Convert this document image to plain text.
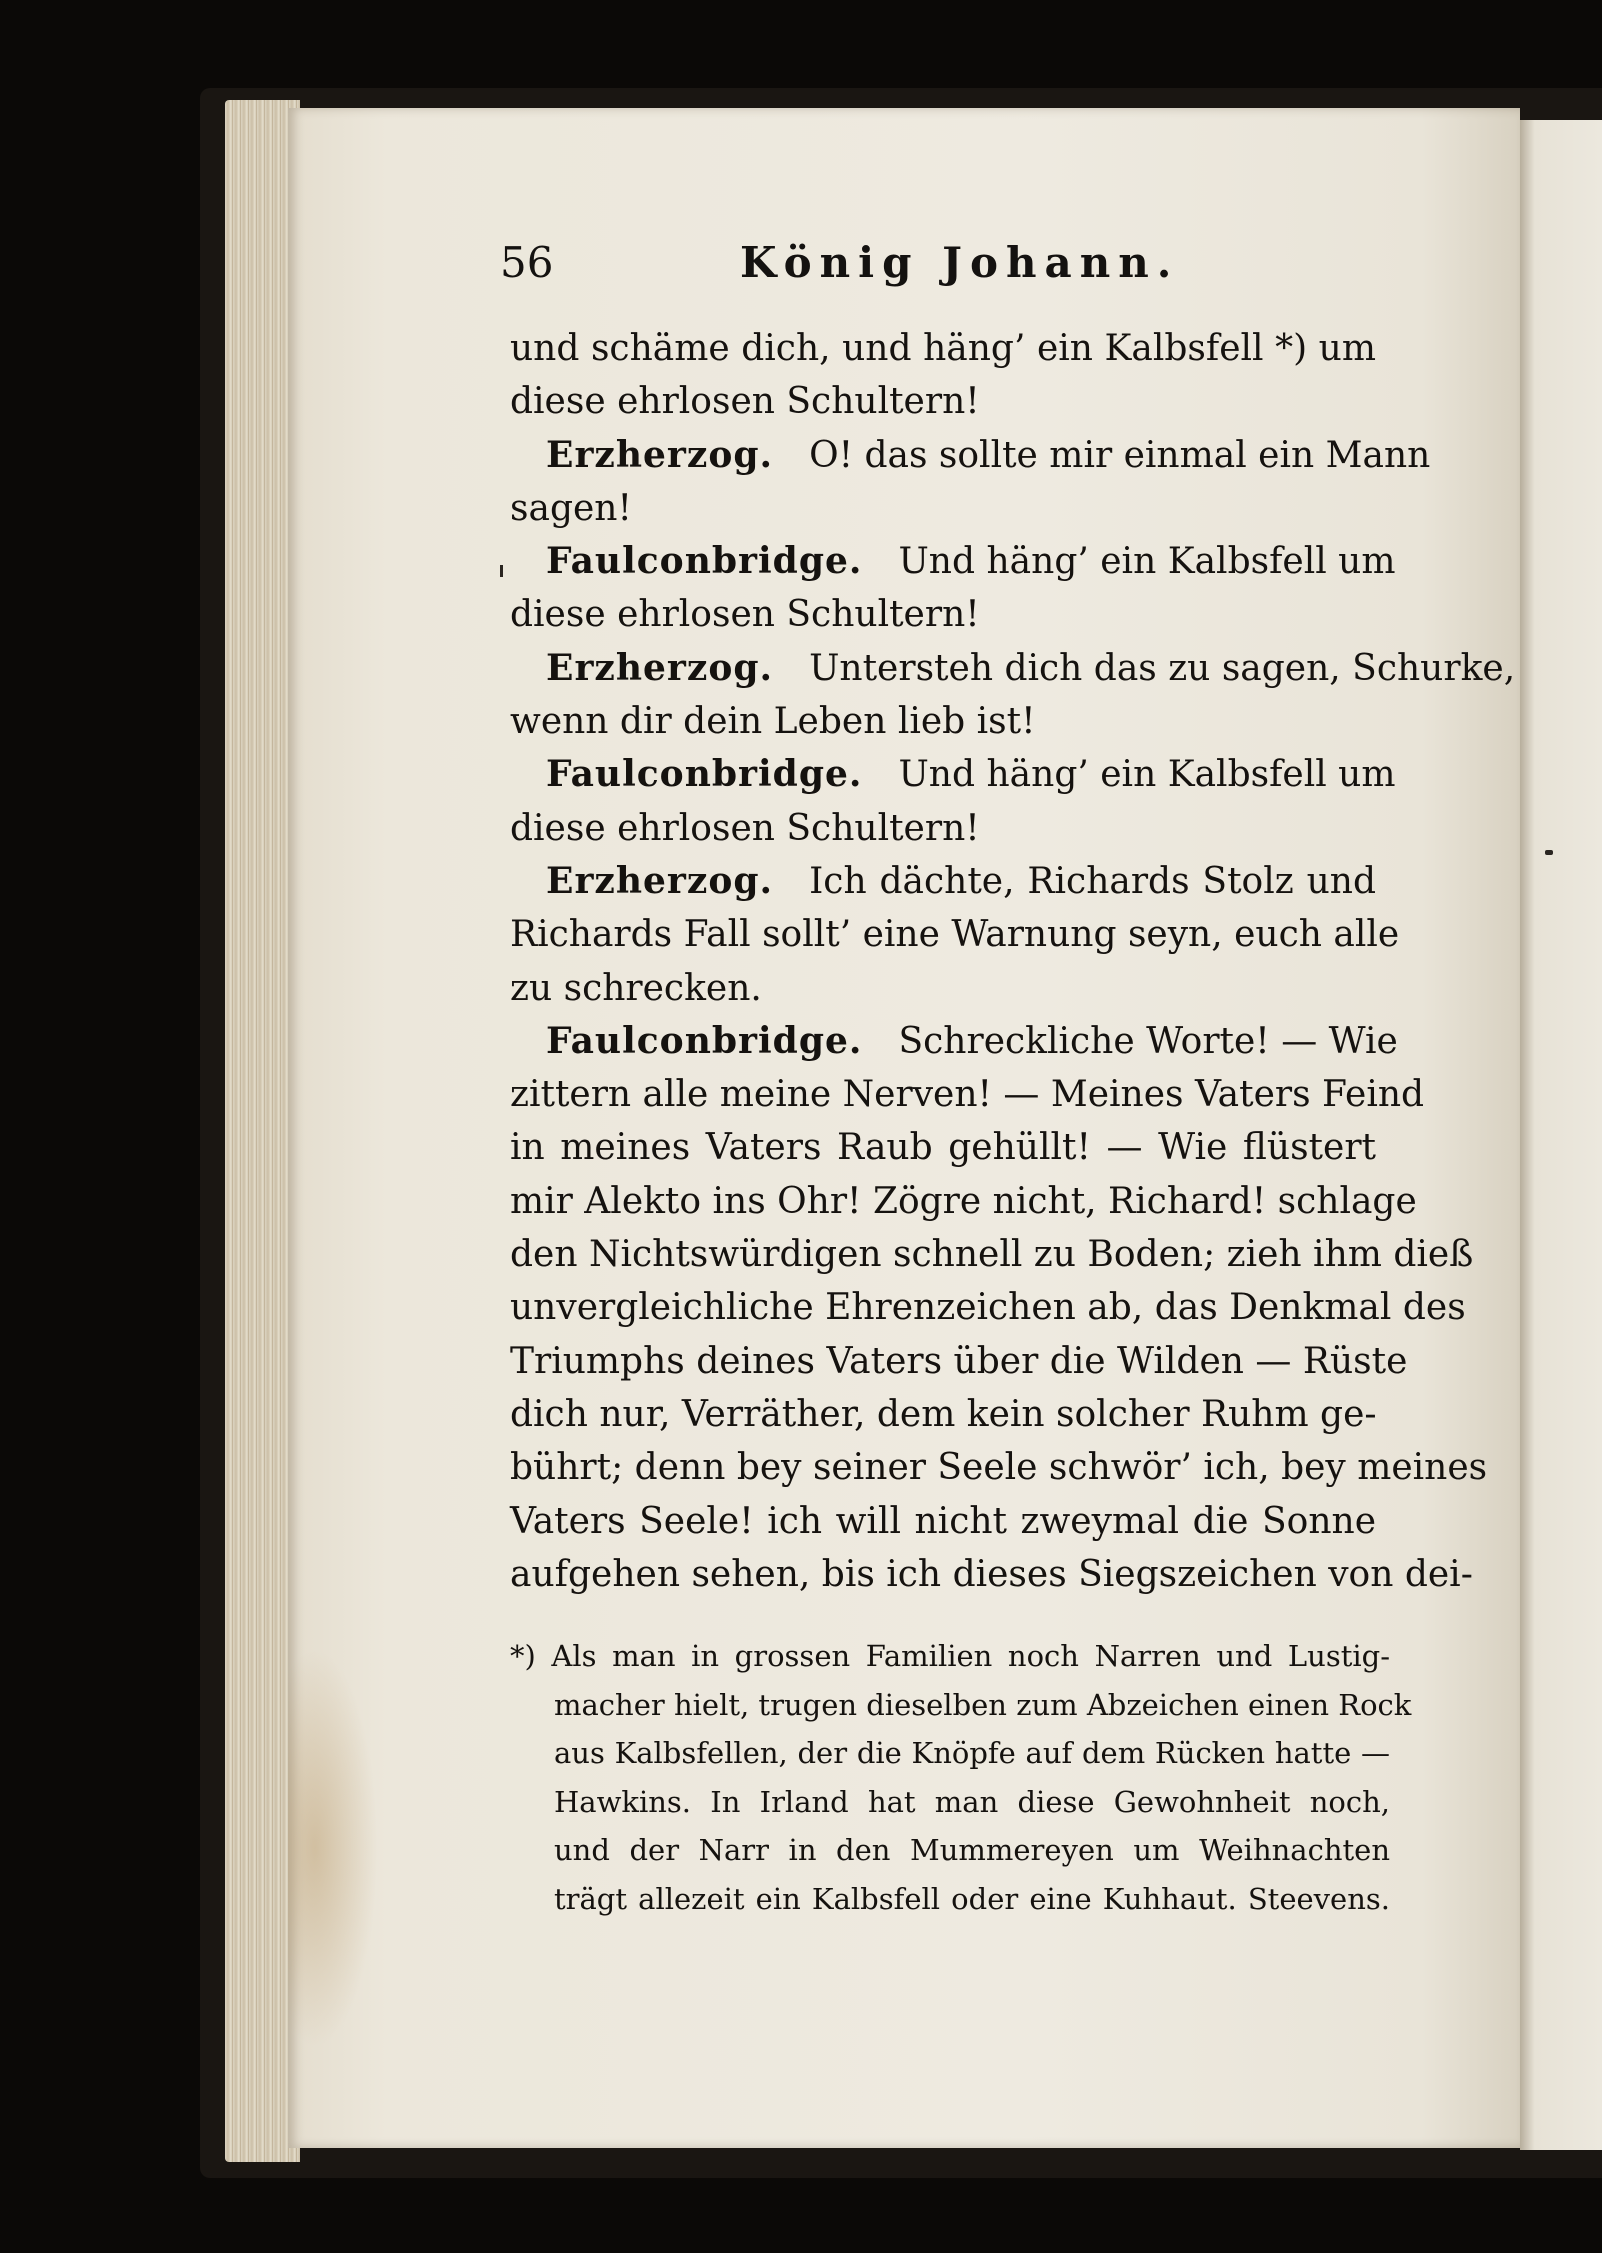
56	König Johann.
und schäme dich, und häng’ ein Kalbsfell *) um
diese ehrlosen Schultern!
Erzherzog.  O! das sollte mir einmal ein Mann
sagen!
Faulconbridge.  Und häng’ ein Kalbsfell um
diese ehrlosen Schultern!
Erzherzog.  Untersteh dich das zu sagen, Schurke,
wenn dir dein Leben lieb ist!
Faulconbridge.  Und häng’ ein Kalbsfell um
diese ehrlosen Schultern!
Erzherzog.  Ich dächte, Richards Stolz und
Richards Fall sollt’ eine Warnung seyn, euch alle
zu schrecken.
Faulconbridge.  Schreckliche Worte! — Wie
zittern alle meine Nerven! — Meines Vaters Feind
in meines Vaters Raub gehüllt! — Wie flüstert
mir Alekto ins Ohr! Zögre nicht, Richard! schlage
den Nichtswürdigen schnell zu Boden; zieh ihm dieß
unvergleichliche Ehrenzeichen ab, das Denkmal des
Triumphs deines Vaters über die Wilden — Rüste
dich nur, Verräther, dem kein solcher Ruhm ge-
bührt; denn bey seiner Seele schwör’ ich, bey meines
Vaters Seele! ich will nicht zweymal die Sonne
aufgehen sehen, bis ich dieses Siegszeichen von dei-
*) Als man in grossen Familien noch Narren und Lustig-
macher hielt, trugen dieselben zum Abzeichen einen Rock
aus Kalbsfellen, der die Knöpfe auf dem Rücken hatte —
Hawkins. In Irland hat man diese Gewohnheit noch,
und der Narr in den Mummereyen um Weihnachten
trägt allezeit ein Kalbsfell oder eine Kuhhaut. Steevens.
